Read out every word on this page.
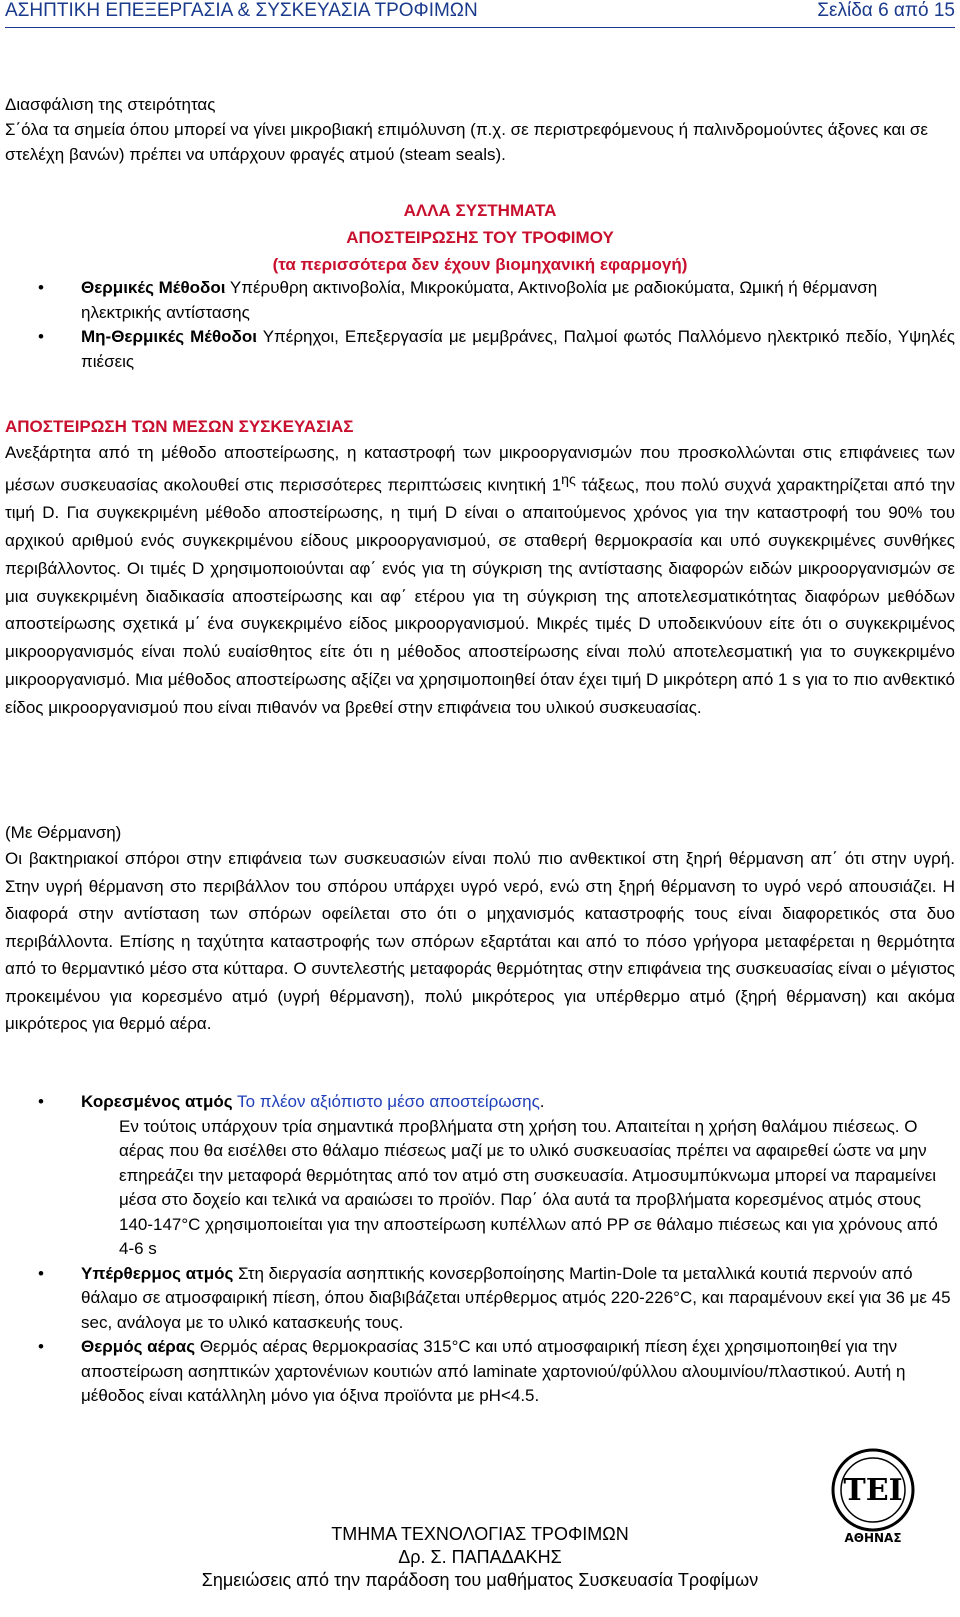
ΑΣΗΠΤΙΚΗ ΕΠΕΞΕΡΓΑΣΙΑ & ΣΥΣΚΕΥΑΣΙΑ ΤΡΟΦΙΜΩΝ	Σελίδα 6 από 15
Διασφάλιση της στειρότητας
Σ΄όλα τα σημεία όπου μπορεί να γίνει μικροβιακή επιμόλυνση (π.χ. σε περιστρεφόμενους ή παλινδρομούντες άξονες και σε στελέχη βανών) πρέπει να υπάρχουν φραγές ατμού (steam seals).
ΑΛΛΑ ΣΥΣΤΗΜΑΤΑ
ΑΠΟΣΤΕΙΡΩΣΗΣ ΤΟΥ ΤΡΟΦΙΜΟΥ
(τα περισσότερα δεν έχουν βιομηχανική εφαρμογή)
• Θερμικές Μέθοδοι Υπέρυθρη ακτινοβολία, Μικροκύματα, Ακτινοβολία με ραδιοκύματα, Ωμική ή θέρμανση ηλεκτρικής αντίστασης
• Μη-Θερμικές Μέθοδοι Υπέρηχοι, Επεξεργασία με μεμβράνες, Παλμοί φωτός Παλλόμενο ηλεκτρικό πεδίο, Υψηλές πιέσεις
ΑΠΟΣΤΕΙΡΩΣΗ ΤΩΝ ΜΕΣΩΝ ΣΥΣΚΕΥΑΣΙΑΣ
Ανεξάρτητα από τη μέθοδο αποστείρωσης, η καταστροφή των μικροοργανισμών που προσκολλώνται στις επιφάνειες των μέσων συσκευασίας ακολουθεί στις περισσότερες περιπτώσεις κινητική $1^{\eta\varsigma}$ τάξεως, που πολύ συχνά χαρακτηρίζεται από την τιμή D. Για συγκεκριμένη μέθοδο αποστείρωσης, η τιμή D είναι ο απαιτούμενος χρόνος για την καταστροφή του 90% του αρχικού αριθμού ενός συγκεκριμένου είδους μικροοργανισμού, σε σταθερή θερμοκρασία και υπό συγκεκριμένες συνθήκες περιβάλλοντος. Οι τιμές D χρησιμοποιούνται αφ΄ ενός για τη σύγκριση της αντίστασης διαφορών ειδών μικροοργανισμών σε μια συγκεκριμένη διαδικασία αποστείρωσης και αφ΄ ετέρου για τη σύγκριση της αποτελεσματικότητας διαφόρων μεθόδων αποστείρωσης σχετικά μ΄ ένα συγκεκριμένο είδος μικροοργανισμού. Μικρές τιμές D υποδεικνύουν είτε ότι ο συγκεκριμένος μικροοργανισμός είναι πολύ ευαίσθητος είτε ότι η μέθοδος αποστείρωσης είναι πολύ αποτελεσματική για το συγκεκριμένο μικροοργανισμό. Μια μέθοδος αποστείρωσης αξίζει να χρησιμοποιηθεί όταν έχει τιμή D μικρότερη από 1 s για το πιο ανθεκτικό είδος μικροοργανισμού που είναι πιθανόν να βρεθεί στην επιφάνεια του υλικού συσκευασίας.
(Με Θέρμανση)
Οι βακτηριακοί σπόροι στην επιφάνεια των συσκευασιών είναι πολύ πιο ανθεκτικοί στη ξηρή θέρμανση απ΄ ότι στην υγρή. Στην υγρή θέρμανση στο περιβάλλον του σπόρου υπάρχει υγρό νερό, ενώ στη ξηρή θέρμανση το υγρό νερό απουσιάζει. Η διαφορά στην αντίσταση των σπόρων οφείλεται στο ότι ο μηχανισμός καταστροφής τους είναι διαφορετικός στα δυο περιβάλλοντα. Επίσης η ταχύτητα καταστροφής των σπόρων εξαρτάται και από το πόσο γρήγορα μεταφέρεται η θερμότητα από το θερμαντικό μέσο στα κύτταρα. Ο συντελεστής μεταφοράς θερμότητας στην επιφάνεια της συσκευασίας είναι ο μέγιστος προκειμένου για κορεσμένο ατμό (υγρή θέρμανση), πολύ μικρότερος για υπέρθερμο ατμό (ξηρή θέρμανση) και ακόμα μικρότερος για θερμό αέρα.
• Κορεσμένος ατμός Το πλέον αξιόπιστο μέσο αποστείρωσης.
Εν τούτοις υπάρχουν τρία σημαντικά προβλήματα στη χρήση του. Απαιτείται η χρήση θαλάμου πιέσεως. Ο αέρας που θα εισέλθει στο θάλαμο πιέσεως μαζί με το υλικό συσκευασίας πρέπει να αφαιρεθεί ώστε να μην επηρεάζει την μεταφορά θερμότητας από τον ατμό στη συσκευασία. Ατμοσυμπύκνωμα μπορεί να παραμείνει μέσα στο δοχείο και τελικά να αραιώσει το προϊόν. Παρ΄ όλα αυτά τα προβλήματα κορεσμένος ατμός στους 140-147°C χρησιμοποιείται για την αποστείρωση κυπέλλων από PP σε θάλαμο πιέσεως και για χρόνους από 4-6 s
• Υπέρθερμος ατμός Στη διεργασία ασηπτικής κονσερβοποίησης Martin-Dole τα μεταλλικά κουτιά περνούν από θάλαμο σε ατμοσφαιρική πίεση, όπου διαβιβάζεται υπέρθερμος ατμός 220-226°C, και παραμένουν εκεί για 36 με 45 sec, ανάλογα με το υλικό κατασκευής τους.
• Θερμός αέρας Θερμός αέρας θερμοκρασίας 315°C και υπό ατμοσφαιρική πίεση έχει χρησιμοποιηθεί για την αποστείρωση ασηπτικών χαρτονένιων κουτιών από laminate χαρτονιού/φύλλου αλουμινίου/πλαστικού. Αυτή η μέθοδος είναι κατάλληλη μόνο για όξινα προϊόντα με pH<4.5.
ΤΕΙ
ΑΘΗΝΑΣ
ΤΜΗΜΑ ΤΕΧΝΟΛΟΓΙΑΣ ΤΡΟΦΙΜΩΝ
Δρ. Σ. ΠΑΠΑΔΑΚΗΣ
Σημειώσεις από την παράδοση του μαθήματος Συσκευασία Τροφίμων
